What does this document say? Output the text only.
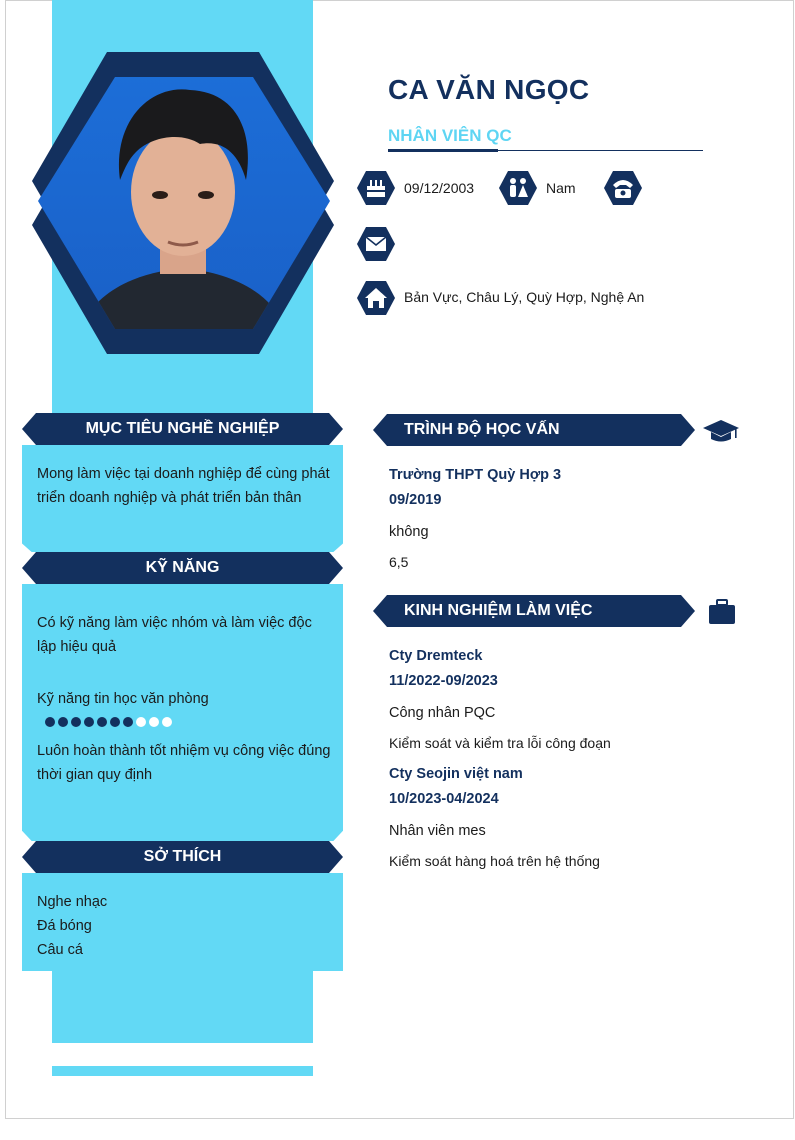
CA VĂN NGỌC
NHÂN VIÊN QC
09/12/2003	Nam
Bản Vực, Châu Lý, Quỳ Hợp, Nghệ An
MỤC TIÊU NGHỀ NGHIỆP
Mong làm việc tại doanh nghiệp để cùng phát
triển doanh nghiệp và phát triển bản thân
KỸ NĂNG
Có kỹ năng làm việc nhóm và làm việc độc
lập hiệu quả
Kỹ năng tin học văn phòng
Luôn hoàn thành tốt nhiệm vụ công việc đúng
thời gian quy định
SỞ THÍCH
Nghe nhạc
Đá bóng
Câu cá
TRÌNH ĐỘ HỌC VẤN
Trường THPT Quỳ Hợp 3
09/2019
không
6,5
KINH NGHIỆM LÀM VIỆC
Cty Dremteck
11/2022-09/2023
Công nhân PQC
Kiểm soát và kiểm tra lỗi công đoạn
Cty Seojin việt nam
10/2023-04/2024
Nhân viên mes
Kiểm soát hàng hoá trên hệ thống
